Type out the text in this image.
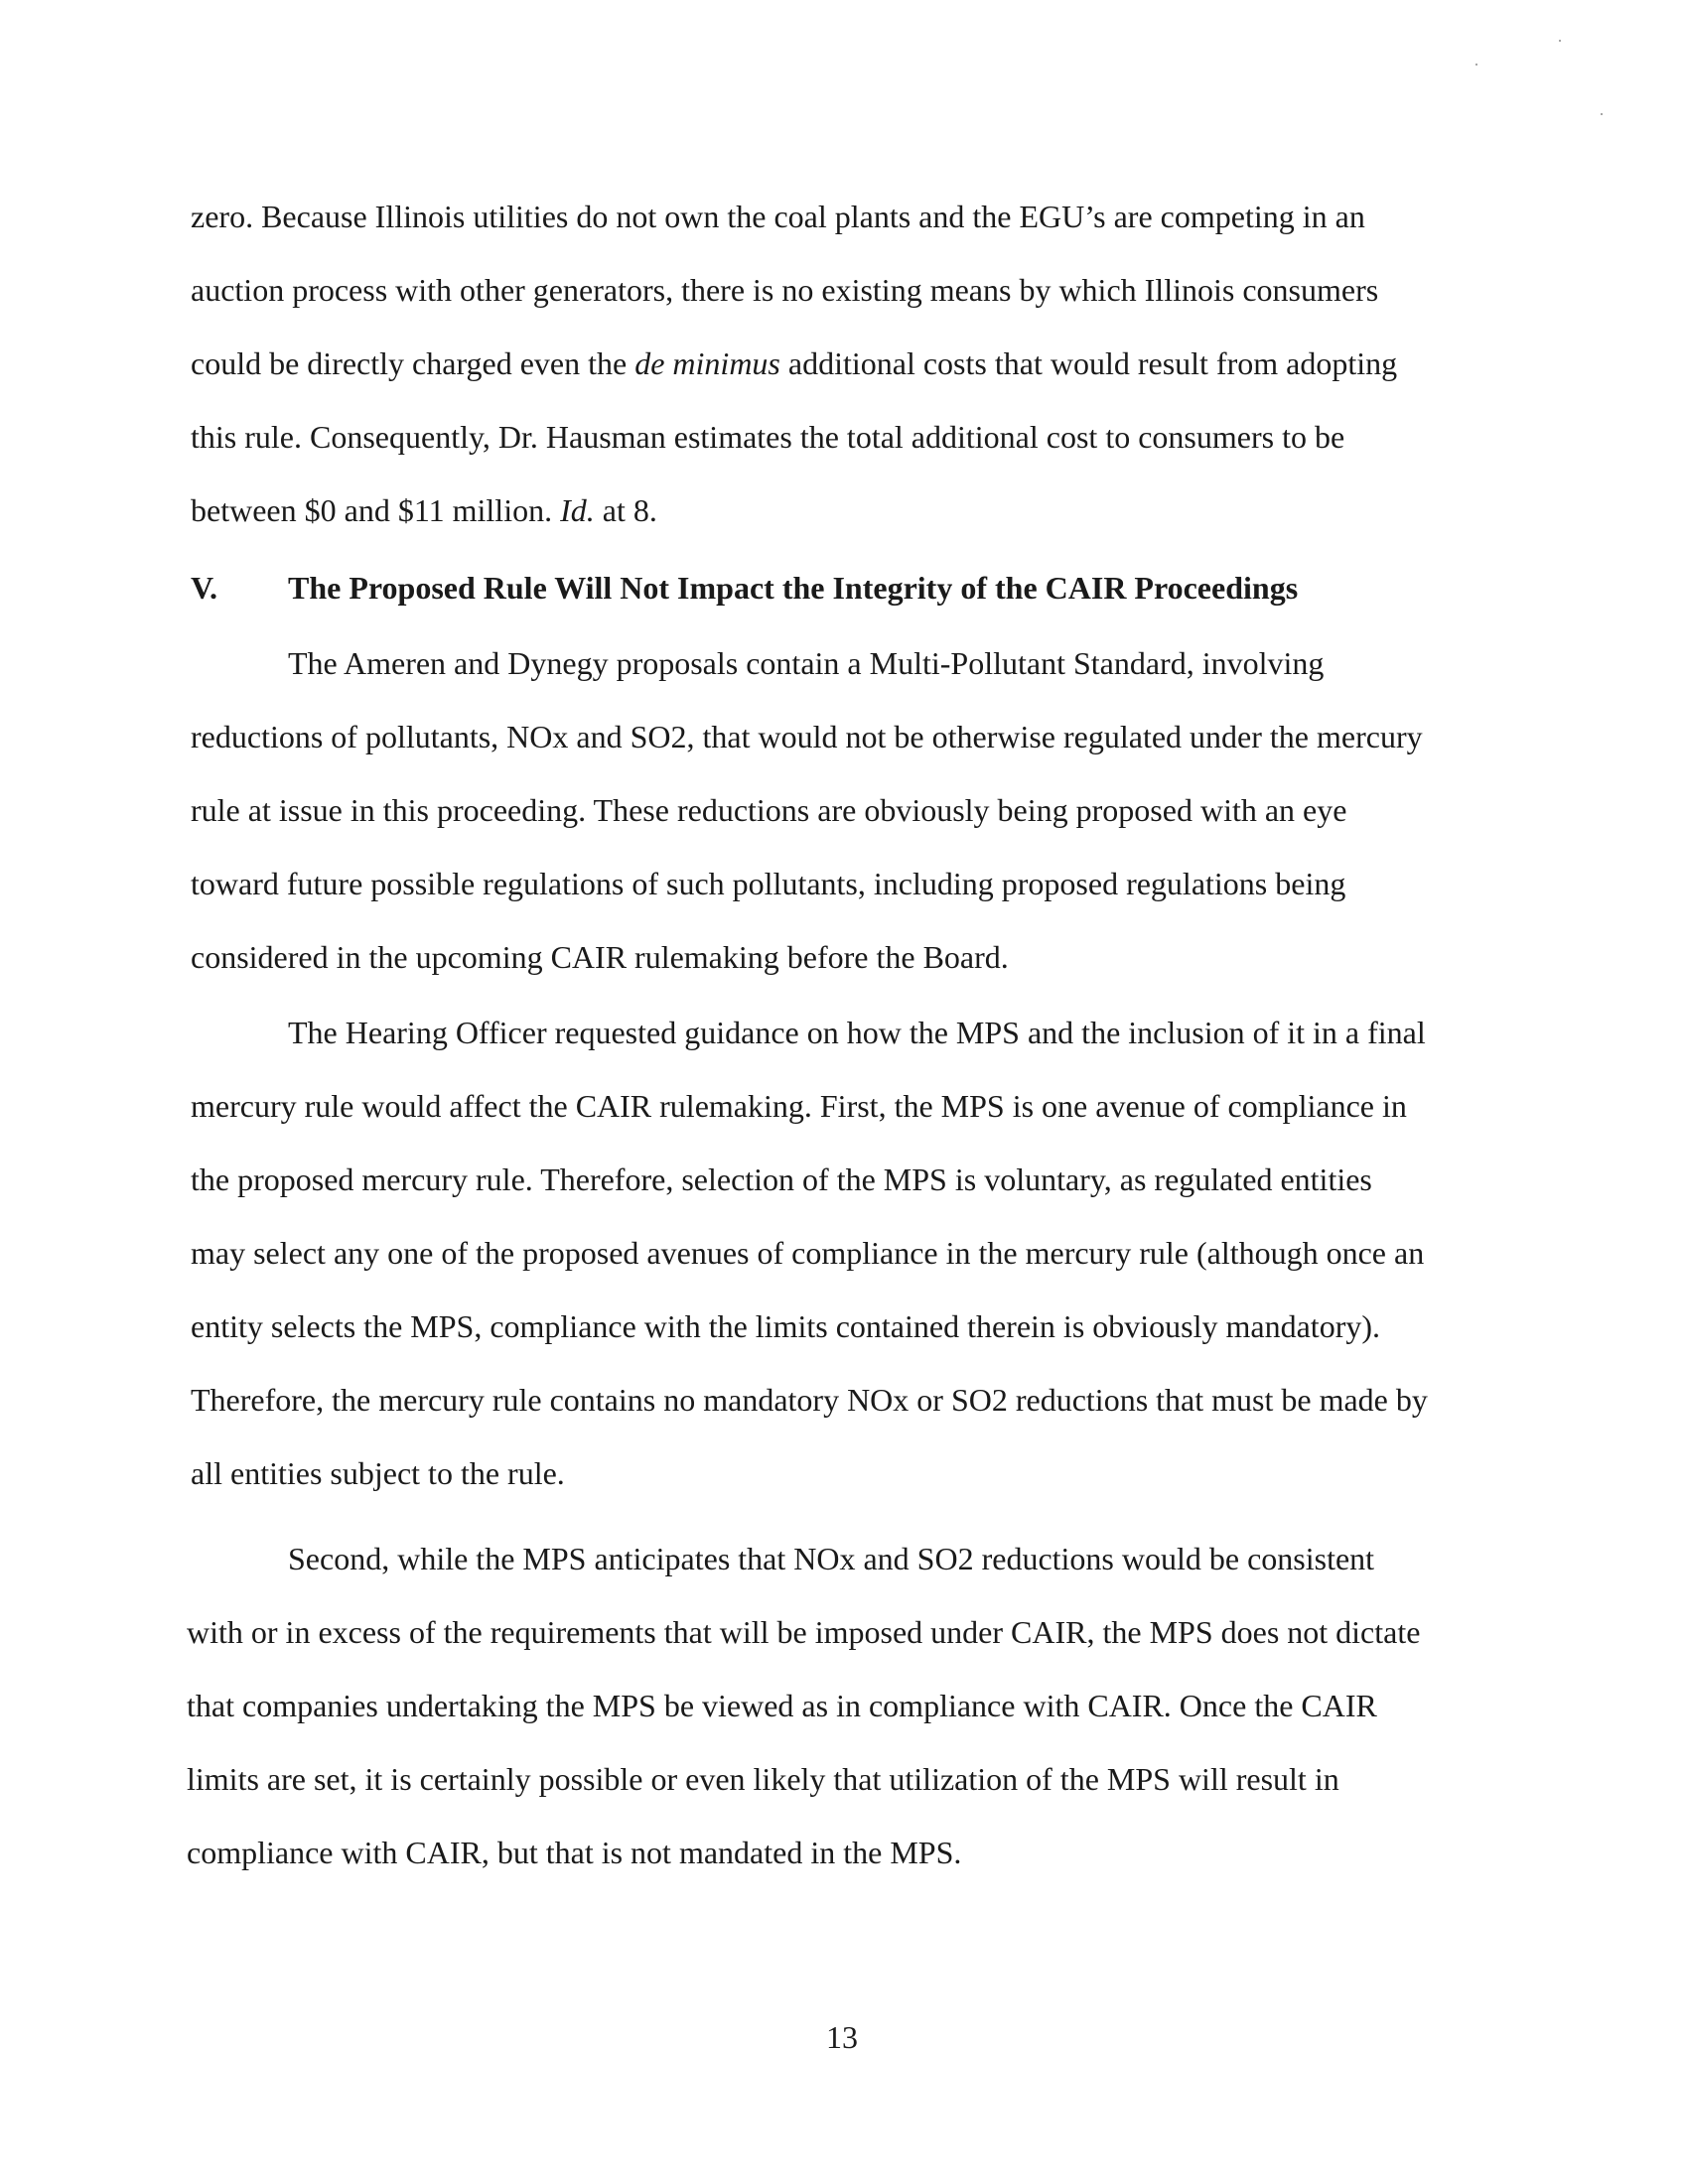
zero. Because Illinois utilities do not own the coal plants and the EGU’s are competing in an
auction process with other generators, there is no existing means by which Illinois consumers
could be directly charged even the de minimus additional costs that would result from adopting
this rule. Consequently, Dr. Hausman estimates the total additional cost to consumers to be
between $0 and $11 million. Id. at 8.
V. The Proposed Rule Will Not Impact the Integrity of the CAIR Proceedings
The Ameren and Dynegy proposals contain a Multi-Pollutant Standard, involving
reductions of pollutants, NOx and SO2, that would not be otherwise regulated under the mercury
rule at issue in this proceeding. These reductions are obviously being proposed with an eye
toward future possible regulations of such pollutants, including proposed regulations being
considered in the upcoming CAIR rulemaking before the Board.
The Hearing Officer requested guidance on how the MPS and the inclusion of it in a final
mercury rule would affect the CAIR rulemaking. First, the MPS is one avenue of compliance in
the proposed mercury rule. Therefore, selection of the MPS is voluntary, as regulated entities
may select any one of the proposed avenues of compliance in the mercury rule (although once an
entity selects the MPS, compliance with the limits contained therein is obviously mandatory).
Therefore, the mercury rule contains no mandatory NOx or SO2 reductions that must be made by
all entities subject to the rule.
Second, while the MPS anticipates that NOx and SO2 reductions would be consistent
with or in excess of the requirements that will be imposed under CAIR, the MPS does not dictate
that companies undertaking the MPS be viewed as in compliance with CAIR. Once the CAIR
limits are set, it is certainly possible or even likely that utilization of the MPS will result in
compliance with CAIR, but that is not mandated in the MPS.
13
